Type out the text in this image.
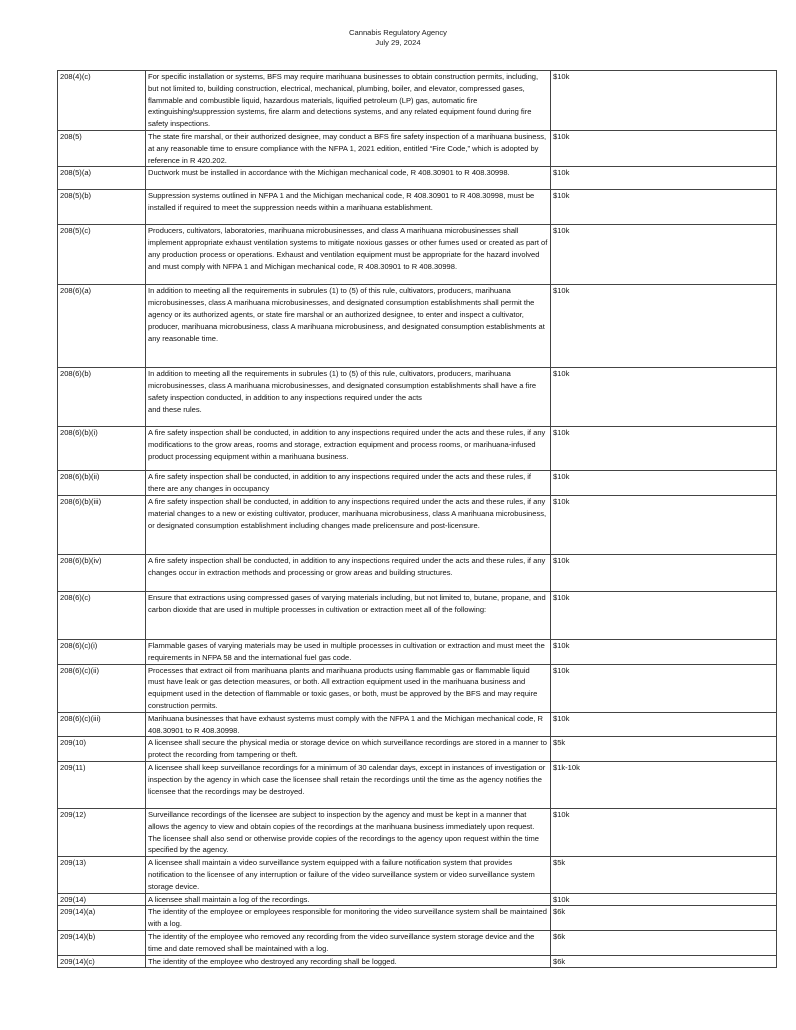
Cannabis Regulatory Agency
July 29, 2024
208(4)(c)	For specific installation or systems, BFS may require marihuana businesses to obtain construction permits, including, but not limited to, building construction, electrical, mechanical, plumbing, boiler, and elevator, compressed gases, flammable and combustible liquid, hazardous materials, liquified petroleum (LP) gas, automatic fire extinguishing/suppression systems, fire alarm and detections systems, and any related equipment found during fire safety inspections.	$10k
208(5)	The state fire marshal, or their authorized designee, may conduct a BFS fire safety inspection of a marihuana business, at any reasonable time to ensure compliance with the NFPA 1, 2021 edition, entitled “Fire Code,” which is adopted by reference in R 420.202.	$10k
208(5)(a)	Ductwork must be installed in accordance with the Michigan mechanical code, R 408.30901 to R 408.30998.	$10k
208(5)(b)	Suppression systems outlined in NFPA 1 and the Michigan mechanical code, R 408.30901 to R 408.30998, must be installed if required to meet the suppression needs within a marihuana establishment.	$10k
208(5)(c)	Producers, cultivators, laboratories, marihuana microbusinesses, and class A marihuana microbusinesses shall implement appropriate exhaust ventilation systems to mitigate noxious gasses or other fumes used or created as part of any production process or operations. Exhaust and ventilation equipment must be appropriate for the hazard involved and must comply with NFPA 1 and Michigan mechanical code, R 408.30901 to R 408.30998.	$10k
208(6)(a)	In addition to meeting all the requirements in subrules (1) to (5) of this rule, cultivators, producers, marihuana microbusinesses, class A marihuana microbusinesses, and designated consumption establishments shall permit the agency or its authorized agents, or state fire marshal or an authorized designee, to enter and inspect a cultivator, producer, marihuana microbusiness, class A marihuana microbusiness, and designated consumption establishments at any reasonable time.	$10k
208(6)(b)	In addition to meeting all the requirements in subrules (1) to (5) of this rule, cultivators, producers, marihuana microbusinesses, class A marihuana microbusinesses, and designated consumption establishments shall have a fire safety inspection conducted, in addition to any inspections required under the acts
and these rules.	$10k
208(6)(b)(i)	A fire safety inspection shall be conducted, in addition to any inspections required under the acts and these rules, if any modifications to the grow areas, rooms and storage, extraction equipment and process rooms, or marihuana-infused product processing equipment within a marihuana business.	$10k
208(6)(b)(ii)	A fire safety inspection shall be conducted, in addition to any inspections required under the acts and these rules, if there are any changes in occupancy	$10k
208(6)(b)(iii)	A fire safety inspection shall be conducted, in addition to any inspections required under the acts and these rules, if any material changes to a new or existing cultivator, producer, marihuana microbusiness, class A marihuana microbusiness, or designated consumption establishment including changes made prelicensure and post-licensure.	$10k
208(6)(b)(iv)	A fire safety inspection shall be conducted, in addition to any inspections required under the acts and these rules, if any changes occur in extraction methods and processing or grow areas and building structures.	$10k
208(6)(c)	Ensure that extractions using compressed gases of varying materials including, but not limited to, butane, propane, and carbon dioxide that are used in multiple processes in cultivation or extraction meet all of the following:	$10k
208(6)(c)(i)	Flammable gases of varying materials may be used in multiple processes in cultivation or extraction and must meet the requirements in NFPA 58 and the international fuel gas code.	$10k
208(6)(c)(ii)	Processes that extract oil from marihuana plants and marihuana products using flammable gas or flammable liquid must have leak or gas detection measures, or both. All extraction equipment used in the marihuana business and equipment used in the detection of flammable or toxic gases, or both, must be approved by the BFS and may require construction permits.	$10k
208(6)(c)(iii)	Marihuana businesses that have exhaust systems must comply with the NFPA 1 and the Michigan mechanical code, R 408.30901 to R 408.30998.	$10k
209(10)	A licensee shall secure the physical media or storage device on which surveillance recordings are stored in a manner to protect the recording from tampering or theft.	$5k
209(11)	A licensee shall keep surveillance recordings for a minimum of 30 calendar days, except in instances of investigation or inspection by the agency in which case the licensee shall retain the recordings until the time as the agency notifies the licensee that the recordings may be destroyed.	$1k-10k
209(12)	Surveillance recordings of the licensee are subject to inspection by the agency and must be kept in a manner that allows the agency to view and obtain copies of the recordings at the marihuana business immediately upon request. The licensee shall also send or otherwise provide copies of the recordings to the agency upon request within the time specified by the agency.	$10k
209(13)	A licensee shall maintain a video surveillance system equipped with a failure notification system that provides notification to the licensee of any interruption or failure of the video surveillance system or video surveillance system storage device.	$5k
209(14)	A licensee shall maintain a log of the recordings.	$10k
209(14)(a)	The identity of the employee or employees responsible for monitoring the video surveillance system shall be maintained with a log.	$6k
209(14)(b)	The identity of the employee who removed any recording from the video surveillance system storage device and the time and date removed shall be maintained with a log.	$6k
209(14)(c)	The identity of the employee who destroyed any recording shall be logged.	$6k
